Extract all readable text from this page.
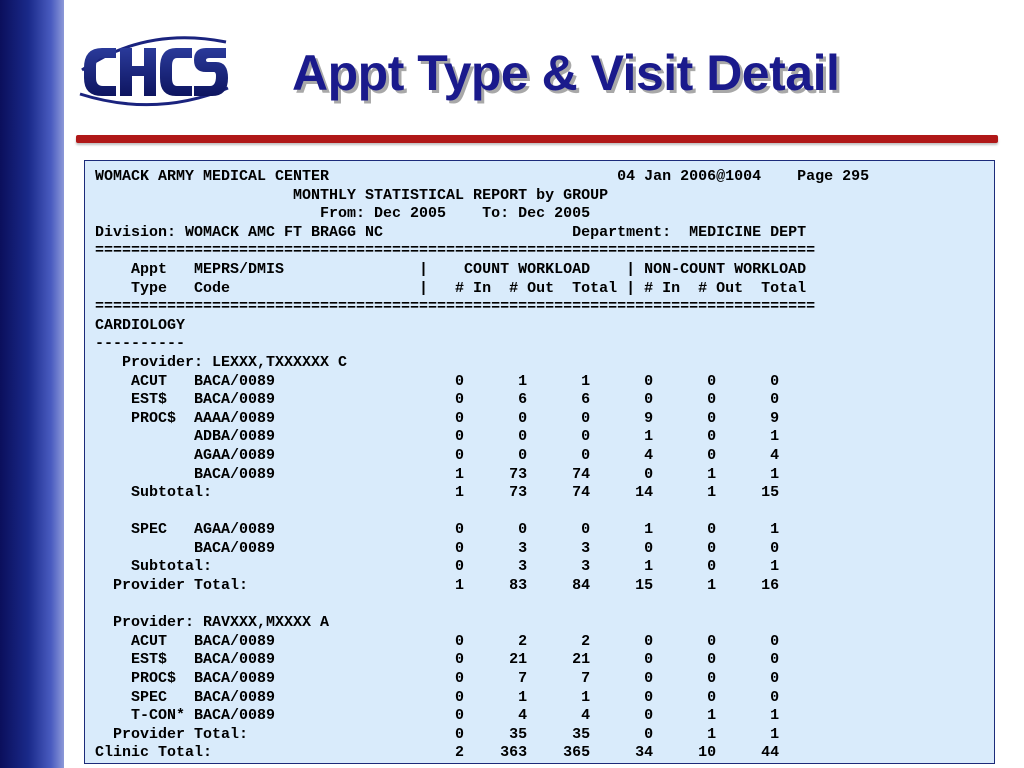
Appt Type & Visit Detail
WOMACK ARMY MEDICAL CENTER                                04 Jan 2006@1004    Page 295
MONTHLY STATISTICAL REPORT by GROUP
From: Dec 2005    To: Dec 2005
Division: WOMACK AMC FT BRAGG NC                     Department:  MEDICINE DEPT
================================================================================
Appt   MEPRS/DMIS               |    COUNT WORKLOAD    | NON-COUNT WORKLOAD
Type   Code                     |   # In  # Out  Total | # In  # Out  Total
================================================================================
CARDIOLOGY
----------
Provider: LEXXX,TXXXXXX C
ACUT   BACA/0089                    0      1      1      0      0      0
EST$   BACA/0089                    0      6      6      0      0      0
PROC$  AAAA/0089                    0      0      0      9      0      9
ADBA/0089                    0      0      0      1      0      1
AGAA/0089                    0      0      0      4      0      4
BACA/0089                    1     73     74      0      1      1
Subtotal:                           1     73     74     14      1     15

SPEC   AGAA/0089                    0      0      0      1      0      1
BACA/0089                    0      3      3      0      0      0
Subtotal:                           0      3      3      1      0      1
Provider Total:                       1     83     84     15      1     16

Provider: RAVXXX,MXXXX A
ACUT   BACA/0089                    0      2      2      0      0      0
EST$   BACA/0089                    0     21     21      0      0      0
PROC$  BACA/0089                    0      7      7      0      0      0
SPEC   BACA/0089                    0      1      1      0      0      0
T-CON* BACA/0089                    0      4      4      0      1      1
Provider Total:                       0     35     35      0      1      1
Clinic Total:                           2    363    365     34     10     44
